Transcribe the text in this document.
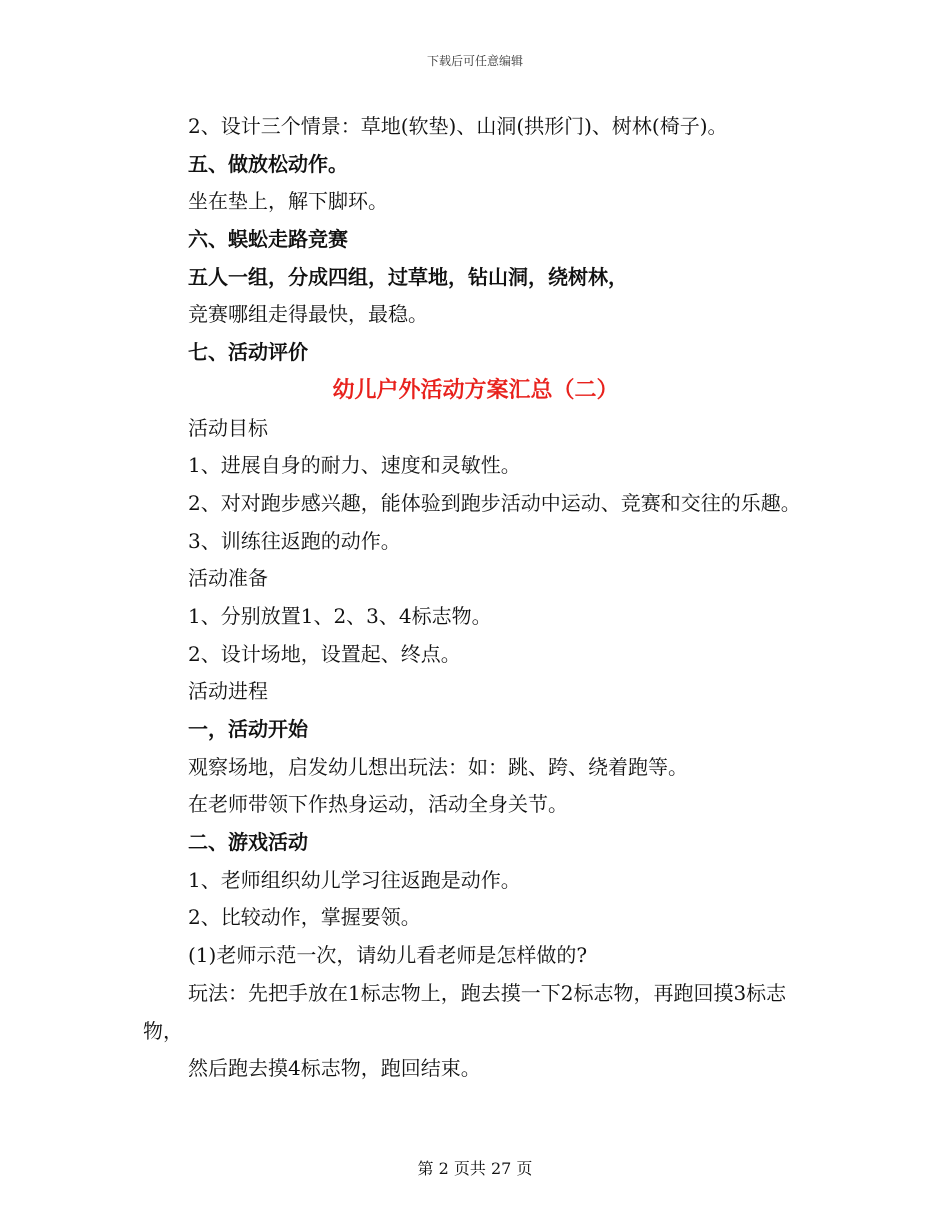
下载后可任意编辑
2、设计三个情景：草地(软垫)、山洞(拱形门)、树林(椅子)。
五、做放松动作。
坐在垫上，解下脚环。
六、蜈蚣走路竞赛
五人一组，分成四组，过草地，钻山洞，绕树林，
竞赛哪组走得最快，最稳。
七、活动评价
幼儿户外活动方案汇总（二）
活动目标
1、进展自身的耐力、速度和灵敏性。
2、对对跑步感兴趣，能体验到跑步活动中运动、竞赛和交往的乐趣。
3、训练往返跑的动作。
活动准备
1、分别放置1、2、3、4标志物。
2、设计场地，设置起、终点。
活动进程
一，活动开始
观察场地，启发幼儿想出玩法：如：跳、跨、绕着跑等。
在老师带领下作热身运动，活动全身关节。
二、游戏活动
1、老师组织幼儿学习往返跑是动作。
2、比较动作，掌握要领。
(1)老师示范一次，请幼儿看老师是怎样做的?
玩法：先把手放在1标志物上，跑去摸一下2标志物，再跑回摸3标志物，
然后跑去摸4标志物，跑回结束。
第 2 页共 27 页
